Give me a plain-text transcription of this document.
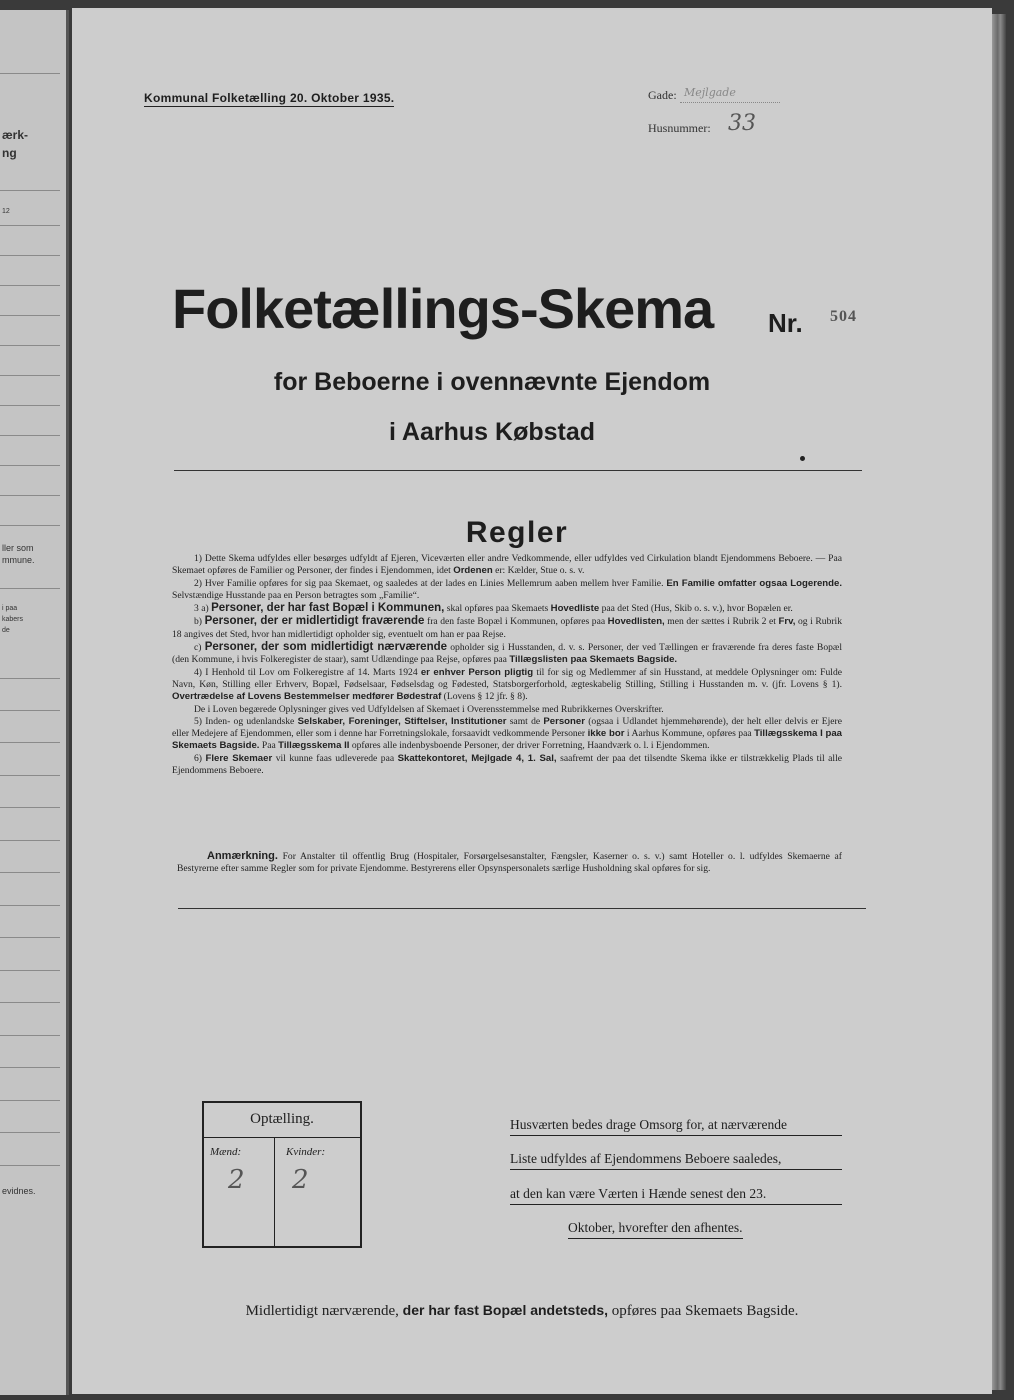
ærk-
ng
12
ller som
mmune.
i paa
kabers
de
evidnes.
Kommunal Folketælling 20. Oktober 1935.	Gade: Mejlgade
Husnummer: 33
Folketællings-Skema Nr. 504
for Beboerne i ovennævnte Ejendom
i Aarhus Købstad
Regler

1) Dette Skema udfyldes eller besørges udfyldt af Ejeren, Viceværten eller andre Vedkommende, eller udfyldes ved Cirkulation blandt Ejendommens Beboere. — Paa Skemaet opføres de Familier og Personer, der findes i Ejendommen, idet Ordenen er: Kælder, Stue o. s. v.

2) Hver Familie opføres for sig paa Skemaet, og saaledes at der lades en Linies Mellemrum aaben mellem hver Familie. En Familie omfatter ogsaa Logerende. Selvstændige Husstande paa en Person betragtes som „Familie“.

3 a) Personer, der har fast Bopæl i Kommunen, skal opføres paa Skemaets Hovedliste paa det Sted (Hus, Skib o. s. v.), hvor Bopælen er.

b) Personer, der er midlertidigt fraværende fra den faste Bopæl i Kommunen, opføres paa Hovedlisten, men der sættes i Rubrik 2 et Frv, og i Rubrik 18 angives det Sted, hvor han midlertidigt opholder sig, eventuelt om han er paa Rejse.

c) Personer, der som midlertidigt nærværende opholder sig i Husstanden, d. v. s. Personer, der ved Tællingen er fraværende fra deres faste Bopæl (den Kommune, i hvis Folkeregister de staar), samt Udlændinge paa Rejse, opføres paa Tillægslisten paa Skemaets Bagside.

4) I Henhold til Lov om Folkeregistre af 14. Marts 1924 er enhver Person pligtig til for sig og Medlemmer af sin Husstand, at meddele Oplysninger om: Fulde Navn, Køn, Stilling eller Erhverv, Bopæl, Fødselsaar, Fødselsdag og Fødested, Statsborgerforhold, ægteskabelig Stilling, Stilling i Husstanden m. v. (jfr. Lovens § 1). Overtrædelse af Lovens Bestemmelser medfører Bødestraf (Lovens § 12 jfr. § 8).

De i Loven begærede Oplysninger gives ved Udfyldelsen af Skemaet i Overensstemmelse med Rubrikkernes Overskrifter.

5) Inden- og udenlandske Selskaber, Foreninger, Stiftelser, Institutioner samt de Personer (ogsaa i Udlandet hjemmehørende), der helt eller delvis er Ejere eller Medejere af Ejendommen, eller som i denne har Forretningslokale, forsaavidt vedkommende Personer ikke bor i Aarhus Kommune, opføres paa Tillægsskema I paa Skemaets Bagside. Paa Tillægsskema II opføres alle indenbysboende Personer, der driver Forretning, Haandværk o. l. i Ejendommen.

6) Flere Skemaer vil kunne faas udleverede paa Skattekontoret, Mejlgade 4, 1. Sal, saafremt der paa det tilsendte Skema ikke er tilstrækkelig Plads til alle Ejendommens Beboere.

Anmærkning. For Anstalter til offentlig Brug (Hospitaler, Forsørgelsesanstalter, Fængsler, Kaserner o. s. v.) samt Hoteller o. l. udfyldes Skemaerne af Bestyrerne efter samme Regler som for private Ejendomme. Bestyrerens eller Opsynspersonalets særlige Husholdning skal opføres for sig.

Optælling.
Mænd:	Kvinder:
2 2
Husværten bedes drage Omsorg for, at nærværende
Liste udfyldes af Ejendommens Beboere saaledes,
at den kan være Værten i Hænde senest den 23.
Oktober, hvorefter den afhentes.
Midlertidigt nærværende, der har fast Bopæl andetsteds, opføres paa Skemaets Bagside.
